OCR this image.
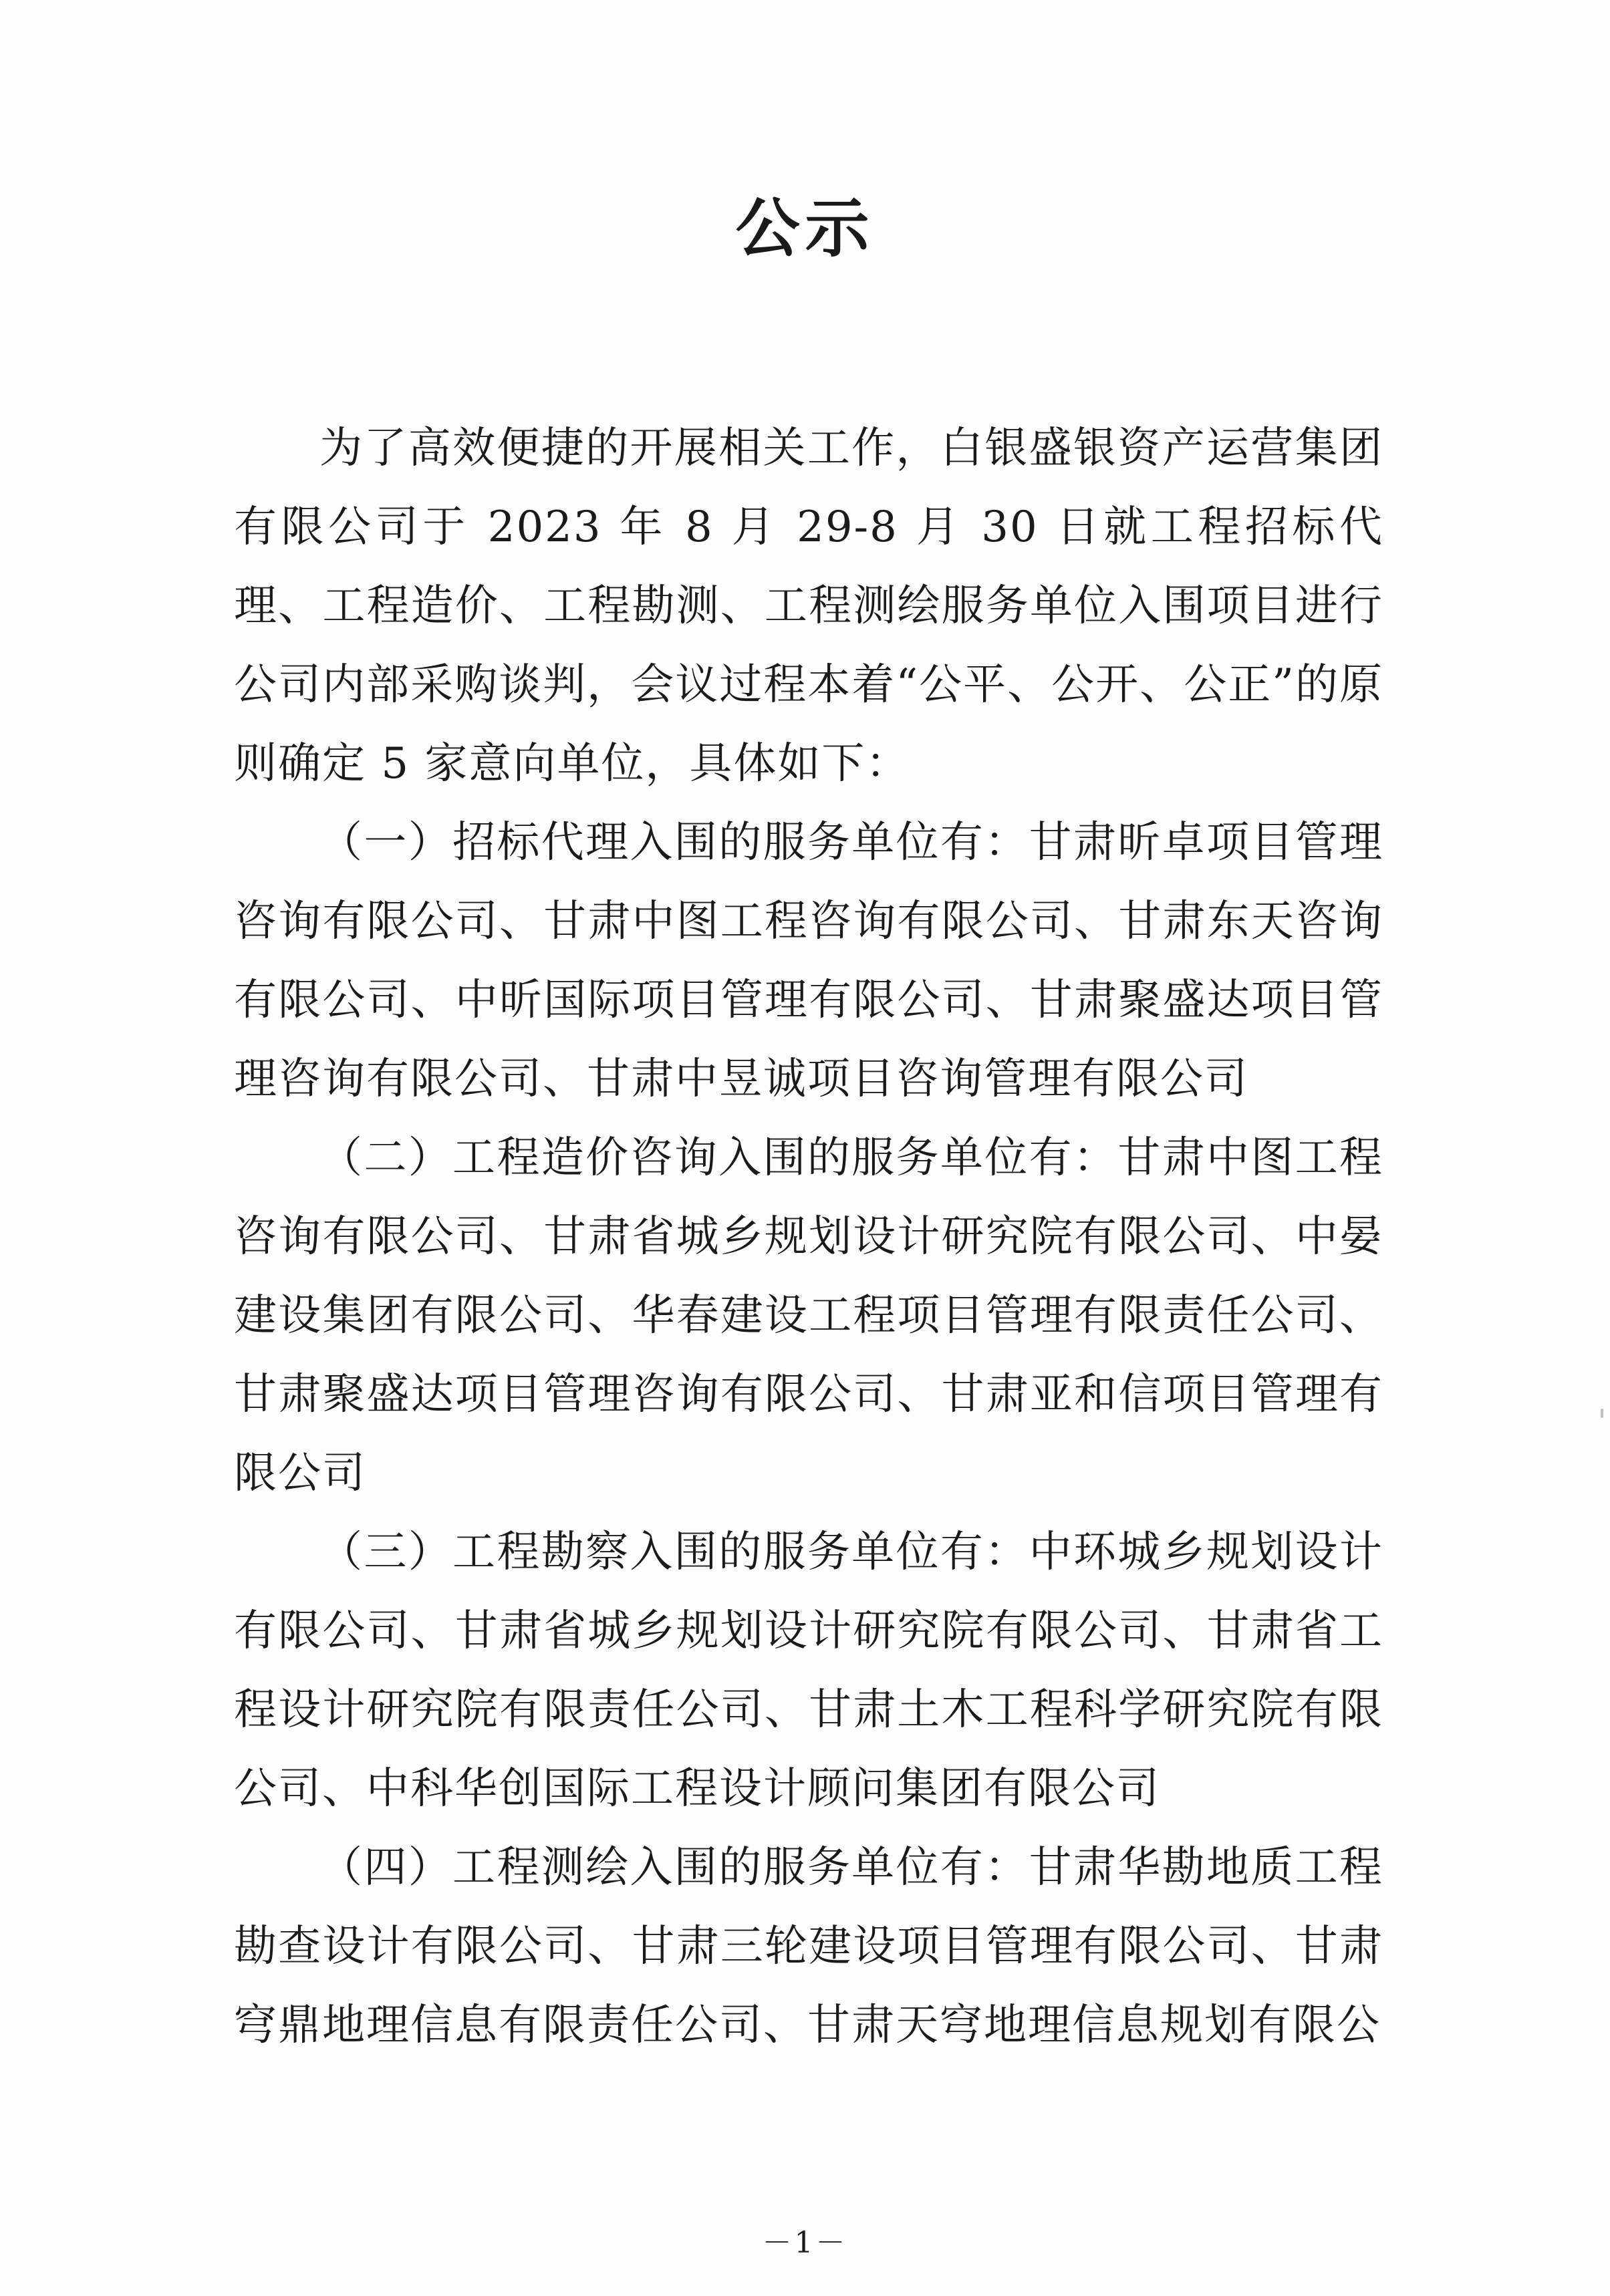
公示

为了高效便捷的开展相关工作，白银盛银资产运营集团有限公司于 2023 年 8 月 29-8 月 30 日就工程招标代理、工程造价、工程勘测、工程测绘服务单位入围项目进行公司内部采购谈判，会议过程本着“公平、公开、公正”的原则确定 5 家意向单位，具体如下：

（一）招标代理入围的服务单位有：甘肃昕卓项目管理咨询有限公司、甘肃中图工程咨询有限公司、甘肃东天咨询有限公司、中昕国际项目管理有限公司、甘肃聚盛达项目管理咨询有限公司、甘肃中昱诚项目咨询管理有限公司

（二）工程造价咨询入围的服务单位有：甘肃中图工程咨询有限公司、甘肃省城乡规划设计研究院有限公司、中晏建设集团有限公司、华春建设工程项目管理有限责任公司、甘肃聚盛达项目管理咨询有限公司、甘肃亚和信项目管理有限公司

（三）工程勘察入围的服务单位有：中环城乡规划设计有限公司、甘肃省城乡规划设计研究院有限公司、甘肃省工程设计研究院有限责任公司、甘肃土木工程科学研究院有限公司、中科华创国际工程设计顾问集团有限公司

（四）工程测绘入围的服务单位有：甘肃华勘地质工程勘查设计有限公司、甘肃三轮建设项目管理有限公司、甘肃穹鼎地理信息有限责任公司、甘肃天穹地理信息规划有限公

－1－
